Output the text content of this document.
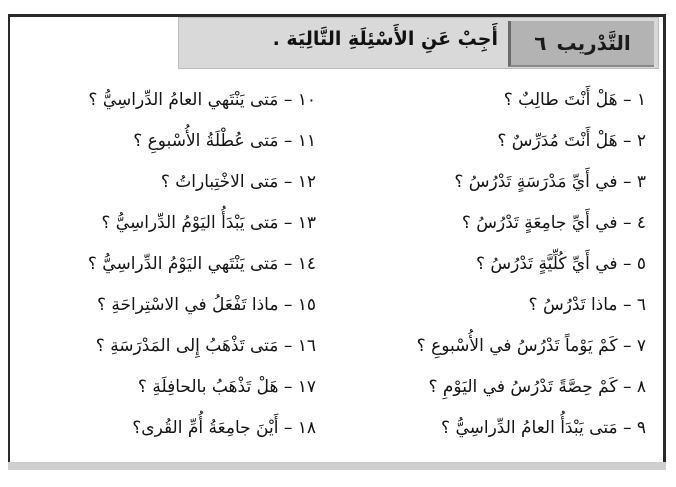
التَّدْريب
٦
أَجِبْ عَنِ الأَسْئِلَةِ التَّالِيَة .
١ – هَلْ أَنْتَ طالِبٌ ؟
٢ – هَلْ أَنْتَ مُدَرِّسٌ ؟
٣ – في أَيِّ مَدْرَسَةٍ تَدْرُسُ ؟
٤ – في أَيِّ جامِعَةٍ تَدْرُسُ ؟
٥ – في أَيِّ كُلِّيَّةٍ تَدْرُسُ ؟
٦ – ماذا تَدْرُسُ ؟
٧ – كَمْ يَوْماً تَدْرُسُ في الأُسْبوعِ ؟
٨ – كَمْ حِصَّةً تَدْرُسُ في اليَوْمِ ؟
٩ – مَتى يَبْدَأُ العامُ الدِّراسِيُّ ؟
١٠ – مَتى يَنْتَهي العامُ الدِّراسِيُّ ؟
١١ – مَتى عُطْلَةُ الأُسْبوعِ ؟
١٢ – مَتى الاخْتِباراتُ ؟
١٣ – مَتى يَبْدَأُ اليَوْمُ الدِّراسِيُّ ؟
١٤ – مَتى يَنْتَهي اليَوْمُ الدِّراسِيُّ ؟
١٥ – ماذا تَفْعَلُ في الاسْتِراحَةِ ؟
١٦ – مَتى تَذْهَبُ إِلى المَدْرَسَةِ ؟
١٧ – هَلْ تَذْهَبُ بالحافِلَةِ ؟
١٨ – أَيْنَ جامِعَةُ أُمِّ القُرى؟
